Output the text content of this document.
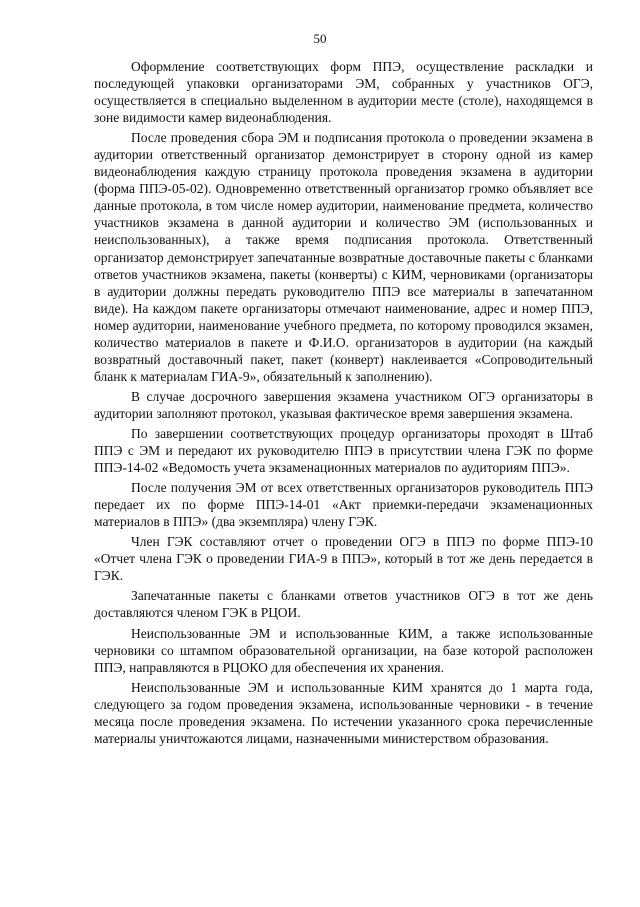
50

Оформление соответствующих форм ППЭ, осуществление раскладки и последующей упаковки организаторами ЭМ, собранных у участников ОГЭ, осуществляется в специально выделенном в аудитории месте (столе), находящемся в зоне видимости камер видеонаблюдения.

После проведения сбора ЭМ и подписания протокола о проведении экзамена в аудитории ответственный организатор демонстрирует в сторону одной из камер видеонаблюдения каждую страницу протокола проведения экзамена в аудитории (форма ППЭ-05-02). Одновременно ответственный организатор громко объявляет все данные протокола, в том числе номер аудитории, наименование предмета, количество участников экзамена в данной аудитории и количество ЭМ (использованных и неиспользованных), а также время подписания протокола. Ответственный организатор демонстрирует запечатанные возвратные доставочные пакеты с бланками ответов участников экзамена, пакеты (конверты) с КИМ, черновиками (организаторы в аудитории должны передать руководителю ППЭ все материалы в запечатанном виде). На каждом пакете организаторы отмечают наименование, адрес и номер ППЭ, номер аудитории, наименование учебного предмета, по которому проводился экзамен, количество материалов в пакете и Ф.И.О. организаторов в аудитории (на каждый возвратный доставочный пакет, пакет (конверт) наклеивается «Сопроводительный бланк к материалам ГИА-9», обязательный к заполнению).

В случае досрочного завершения экзамена участником ОГЭ организаторы в аудитории заполняют протокол, указывая фактическое время завершения экзамена.

По завершении соответствующих процедур организаторы проходят в Штаб ППЭ с ЭМ и передают их руководителю ППЭ в присутствии члена ГЭК по форме ППЭ-14-02 «Ведомость учета экзаменационных материалов по аудиториям ППЭ».

После получения ЭМ от всех ответственных организаторов руководитель ППЭ передает их по форме ППЭ-14-01 «Акт приемки-передачи экзаменационных материалов в ППЭ» (два экземпляра) члену ГЭК.

Член ГЭК составляют отчет о проведении ОГЭ в ППЭ по форме ППЭ-10 «Отчет члена ГЭК о проведении ГИА-9 в ППЭ», который в тот же день передается в ГЭК.

Запечатанные пакеты с бланками ответов участников ОГЭ в тот же день доставляются членом ГЭК в РЦОИ.

Неиспользованные ЭМ и использованные КИМ, а также использованные черновики со штампом образовательной организации, на базе которой расположен ППЭ, направляются в РЦОКО для обеспечения их хранения.

Неиспользованные ЭМ и использованные КИМ хранятся до 1 марта года, следующего за годом проведения экзамена, использованные черновики - в течение месяца после проведения экзамена. По истечении указанного срока перечисленные материалы уничтожаются лицами, назначенными министерством образования.
